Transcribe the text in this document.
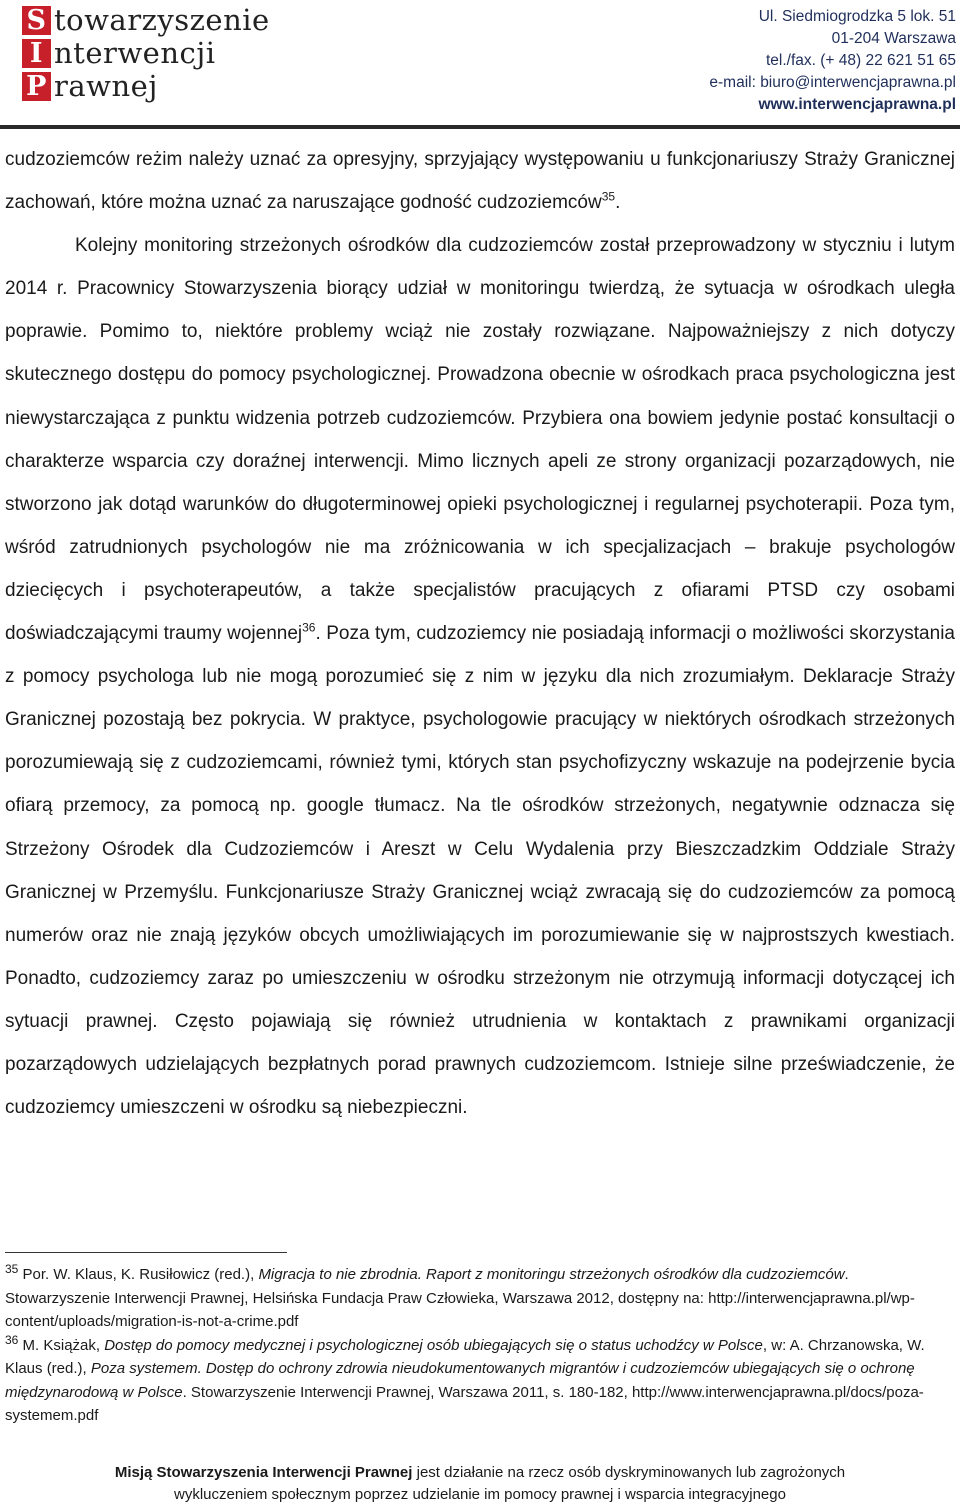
S towarzyszenie
I nterwencji
P rawnej
Ul. Siedmiogrodzka 5 lok. 51
01-204 Warszawa
tel./fax. (+ 48) 22 621 51 65
e-mail: biuro@interwencjaprawna.pl
www.interwencjaprawna.pl

cudzoziemców reżim należy uznać za opresyjny, sprzyjający występowaniu u funkcjonariuszy Straży Granicznej zachowań, które można uznać za naruszające godność cudzoziemców$^{35}$.

Kolejny monitoring strzeżonych ośrodków dla cudzoziemców został przeprowadzony w styczniu i lutym 2014 r. Pracownicy Stowarzyszenia biorący udział w monitoringu twierdzą, że sytuacja w ośrodkach uległa poprawie. Pomimo to, niektóre problemy wciąż nie zostały rozwiązane. Najpoważniejszy z nich dotyczy skutecznego dostępu do pomocy psychologicznej. Prowadzona obecnie w ośrodkach praca psychologiczna jest niewystarczająca z punktu widzenia potrzeb cudzoziemców. Przybiera ona bowiem jedynie postać konsultacji o charakterze wsparcia czy doraźnej interwencji. Mimo licznych apeli ze strony organizacji pozarządowych, nie stworzono jak dotąd warunków do długoterminowej opieki psychologicznej i regularnej psychoterapii. Poza tym, wśród zatrudnionych psychologów nie ma zróżnicowania w ich specjalizacjach – brakuje psychologów dziecięcych i psychoterapeutów, a także specjalistów pracujących z ofiarami PTSD czy osobami doświadczającymi traumy wojennej$^{36}$. Poza tym, cudzoziemcy nie posiadają informacji o możliwości skorzystania z pomocy psychologa lub nie mogą porozumieć się z nim w języku dla nich zrozumiałym. Deklaracje Straży Granicznej pozostają bez pokrycia. W praktyce, psychologowie pracujący w niektórych ośrodkach strzeżonych porozumiewają się z cudzoziemcami, również tymi, których stan psychofizyczny wskazuje na podejrzenie bycia ofiarą przemocy, za pomocą np. google tłumacz. Na tle ośrodków strzeżonych, negatywnie odznacza się Strzeżony Ośrodek dla Cudzoziemców i Areszt w Celu Wydalenia przy Bieszczadzkim Oddziale Straży Granicznej w Przemyślu. Funkcjonariusze Straży Granicznej wciąż zwracają się do cudzoziemców za pomocą numerów oraz nie znają języków obcych umożliwiających im porozumiewanie się w najprostszych kwestiach. Ponadto, cudzoziemcy zaraz po umieszczeniu w ośrodku strzeżonym nie otrzymują informacji dotyczącej ich sytuacji prawnej. Często pojawiają się również utrudnienia w kontaktach z prawnikami organizacji pozarządowych udzielających bezpłatnych porad prawnych cudzoziemcom. Istnieje silne przeświadczenie, że cudzoziemcy umieszczeni w ośrodku są niebezpieczni.

$^{35}$ Por. W. Klaus, K. Rusiłowicz (red.), Migracja to nie zbrodnia. Raport z monitoringu strzeżonych ośrodków dla cudzoziemców. Stowarzyszenie Interwencji Prawnej, Helsińska Fundacja Praw Człowieka, Warszawa 2012, dostępny na: http://interwencjaprawna.pl/wp-content/uploads/migration-is-not-a-crime.pdf

$^{36}$ M. Książak, Dostęp do pomocy medycznej i psychologicznej osób ubiegających się o status uchodźcy w Polsce, w: A. Chrzanowska, W. Klaus (red.), Poza systemem. Dostęp do ochrony zdrowia nieudokumentowanych migrantów i cudzoziemców ubiegających się o ochronę międzynarodową w Polsce. Stowarzyszenie Interwencji Prawnej, Warszawa 2011, s. 180-182, http://www.interwencjaprawna.pl/docs/poza-systemem.pdf

Misją Stowarzyszenia Interwencji Prawnej jest działanie na rzecz osób dyskryminowanych lub zagrożonych
wykluczeniem społecznym poprzez udzielanie im pomocy prawnej i wsparcia integracyjnego
